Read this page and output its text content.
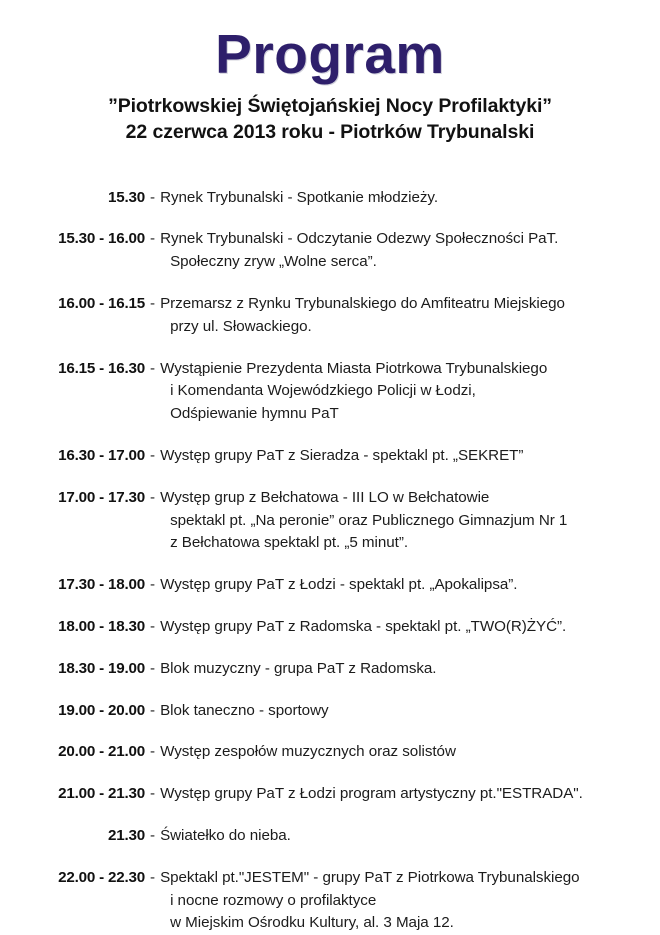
Program
”Piotrkowskiej Świętojańskiej Nocy Profilaktyki”
22 czerwca 2013 roku - Piotrków Trybunalski
15.30 - Rynek Trybunalski - Spotkanie młodzieży.
15.30 - 16.00 - Rynek Trybunalski - Odczytanie Odezwy Społeczności PaT.
Społeczny zryw „Wolne serca”.
16.00 - 16.15 - Przemarsz z Rynku Trybunalskiego do Amfiteatru Miejskiego
przy ul. Słowackiego.
16.15 - 16.30 - Wystąpienie Prezydenta Miasta Piotrkowa Trybunalskiego
i Komendanta Wojewódzkiego Policji w Łodzi,
Odśpiewanie hymnu PaT
16.30 - 17.00 - Występ grupy PaT z Sieradza - spektakl pt. „SEKRET”
17.00 - 17.30 - Występ grup z Bełchatowa - III LO w Bełchatowie
spektakl pt. „Na peronie” oraz Publicznego Gimnazjum Nr 1
z Bełchatowa spektakl pt. „5 minut”.
17.30 - 18.00 - Występ grupy PaT z Łodzi - spektakl pt. „Apokalipsa”.
18.00 - 18.30 - Występ grupy PaT z Radomska - spektakl pt. „TWO(R)ŻYĆ”.
18.30 - 19.00 - Blok muzyczny - grupa PaT z Radomska.
19.00 - 20.00 - Blok taneczno - sportowy
20.00 - 21.00 - Występ zespołów muzycznych oraz solistów
21.00 - 21.30 - Występ grupy PaT z Łodzi program artystyczny pt."ESTRADA".
21.30 - Światełko do nieba.
22.00 - 22.30 - Spektakl pt."JESTEM" - grupy PaT z Piotrkowa Trybunalskiego
i nocne rozmowy o profilaktyce
w Miejskim Ośrodku Kultury, al. 3 Maja 12.
